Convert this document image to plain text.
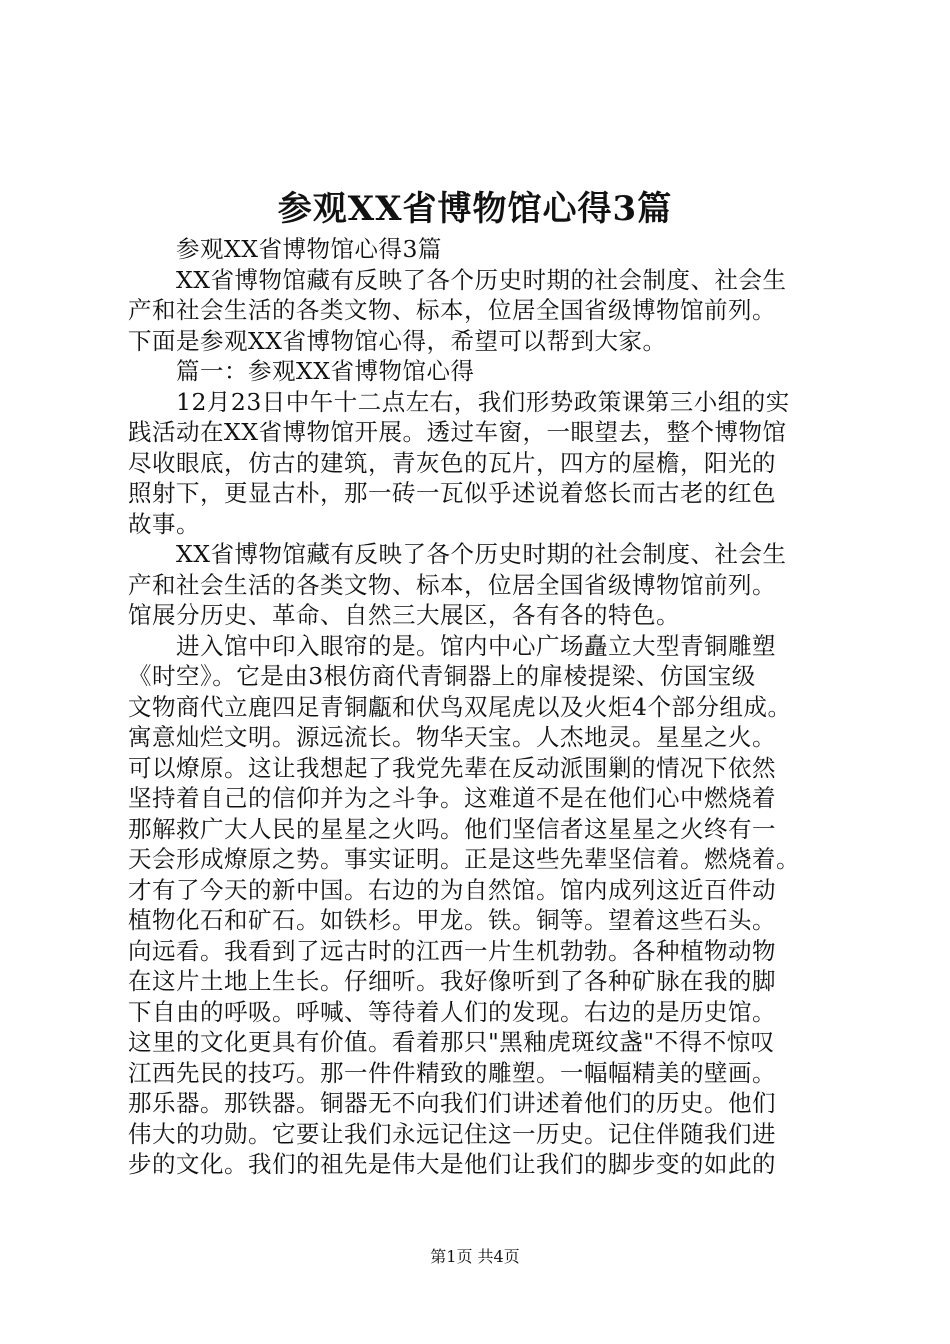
参观XX省博物馆心得3篇
　　参观XX省博物馆心得3篇
　　XX省博物馆藏有反映了各个历史时期的社会制度、社会生
产和社会生活的各类文物、标本，位居全国省级博物馆前列。
下面是参观XX省博物馆心得，希望可以帮到大家。
　　篇一：参观XX省博物馆心得
　　12月23日中午十二点左右，我们形势政策课第三小组的实
践活动在XX省博物馆开展。透过车窗，一眼望去，整个博物馆
尽收眼底，仿古的建筑，青灰色的瓦片，四方的屋檐，阳光的
照射下，更显古朴，那一砖一瓦似乎述说着悠长而古老的红色
故事。
　　XX省博物馆藏有反映了各个历史时期的社会制度、社会生
产和社会生活的各类文物、标本，位居全国省级博物馆前列。
馆展分历史、革命、自然三大展区，各有各的特色。
　　进入馆中印入眼帘的是。馆内中心广场矗立大型青铜雕塑
《时空》。它是由3根仿商代青铜器上的扉棱提梁、仿国宝级
文物商代立鹿四足青铜甗和伏鸟双尾虎以及火炬4个部分组成。
寓意灿烂文明。源远流长。物华天宝。人杰地灵。星星之火。
可以燎原。这让我想起了我党先辈在反动派围剿的情况下依然
坚持着自己的信仰并为之斗争。这难道不是在他们心中燃烧着
那解救广大人民的星星之火吗。他们坚信者这星星之火终有一
天会形成燎原之势。事实证明。正是这些先辈坚信着。燃烧着。
才有了今天的新中国。右边的为自然馆。馆内成列这近百件动
植物化石和矿石。如铁杉。甲龙。铁。铜等。望着这些石头。
向远看。我看到了远古时的江西一片生机勃勃。各种植物动物
在这片土地上生长。仔细听。我好像听到了各种矿脉在我的脚
下自由的呼吸。呼喊、等待着人们的发现。右边的是历史馆。
这里的文化更具有价值。看着那只"黑釉虎斑纹盏"不得不惊叹
江西先民的技巧。那一件件精致的雕塑。一幅幅精美的壁画。
那乐器。那铁器。铜器无不向我们们讲述着他们的历史。他们
伟大的功勋。它要让我们永远记住这一历史。记住伴随我们进
步的文化。我们的祖先是伟大是他们让我们的脚步变的如此的
第1页 共4页
